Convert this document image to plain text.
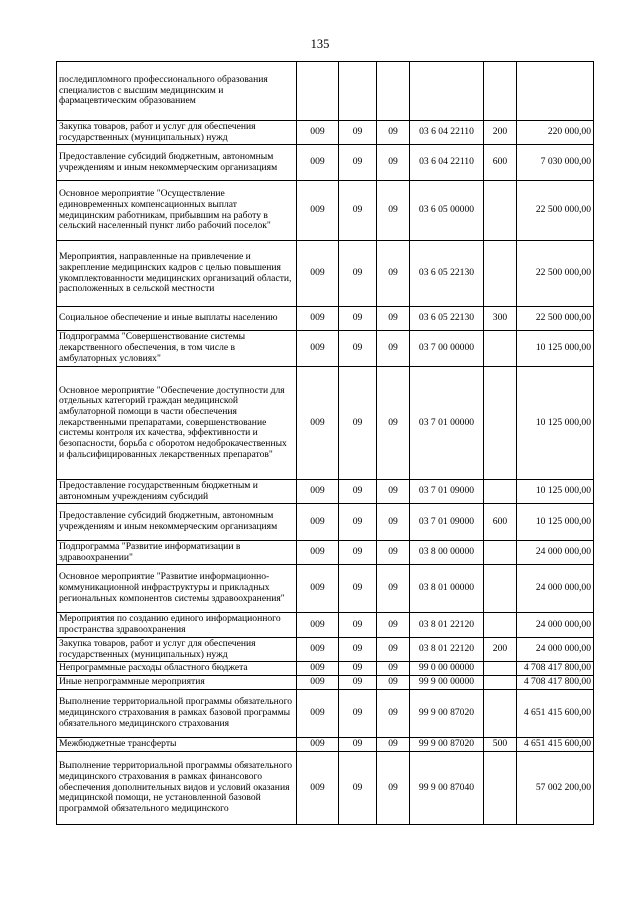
135
последипломного профессионального образования специалистов с высшим медицинским и фармацевтическим образованием						
Закупка товаров, работ и услуг для обеспечения государственных (муниципальных) нужд	009	09	09	03 6 04 22110	200	220 000,00
Предоставление субсидий бюджетным, автономным учреждениям и иным некоммерческим организациям	009	09	09	03 6 04 22110	600	7 030 000,00
Основное мероприятие "Осуществление единовременных компенсационных выплат медицинским работникам, прибывшим на работу в сельский населенный пункт либо рабочий поселок"	009	09	09	03 6 05 00000		22 500 000,00
Мероприятия, направленные на привлечение и закрепление медицинских кадров с целью повышения укомплектованности медицинских организаций области, расположенных в сельской местности	009	09	09	03 6 05 22130		22 500 000,00
Социальное обеспечение и иные выплаты населению	009	09	09	03 6 05 22130	300	22 500 000,00
Подпрограмма "Совершенствование системы лекарственного обеспечения, в том числе в амбулаторных условиях"	009	09	09	03 7 00 00000		10 125 000,00
Основное мероприятие "Обеспечение доступности для отдельных категорий граждан медицинской амбулаторной помощи в части обеспечения лекарственными препаратами, совершенствование системы контроля их качества, эффективности и безопасности, борьба с оборотом недоброкачественных и фальсифицированных лекарственных препаратов"	009	09	09	03 7 01 00000		10 125 000,00
Предоставление государственным бюджетным и автономным учреждениям субсидий	009	09	09	03 7 01 09000		10 125 000,00
Предоставление субсидий бюджетным, автономным учреждениям и иным некоммерческим организациям	009	09	09	03 7 01 09000	600	10 125 000,00
Подпрограмма "Развитие информатизации в здравоохранении"	009	09	09	03 8 00 00000		24 000 000,00
Основное мероприятие "Развитие информационно-коммуникационной инфраструктуры и прикладных региональных компонентов системы здравоохранения"	009	09	09	03 8 01 00000		24 000 000,00
Мероприятия по созданию единого информационного пространства здравоохранения	009	09	09	03 8 01 22120		24 000 000,00
Закупка товаров, работ и услуг для обеспечения государственных (муниципальных) нужд	009	09	09	03 8 01 22120	200	24 000 000,00
Непрограммные расходы областного бюджета	009	09	09	99 0 00 00000		4 708 417 800,00
Иные непрограммные мероприятия	009	09	09	99 9 00 00000		4 708 417 800,00
Выполнение территориальной программы обязательного медицинского страхования в рамках базовой программы обязательного медицинского страхования	009	09	09	99 9 00 87020		4 651 415 600,00
Межбюджетные трансферты	009	09	09	99 9 00 87020	500	4 651 415 600,00
Выполнение территориальной программы обязательного медицинского страхования в рамках финансового обеспечения дополнительных видов и условий оказания медицинской помощи, не установленной базовой программой обязательного медицинского	009	09	09	99 9 00 87040		57 002 200,00
